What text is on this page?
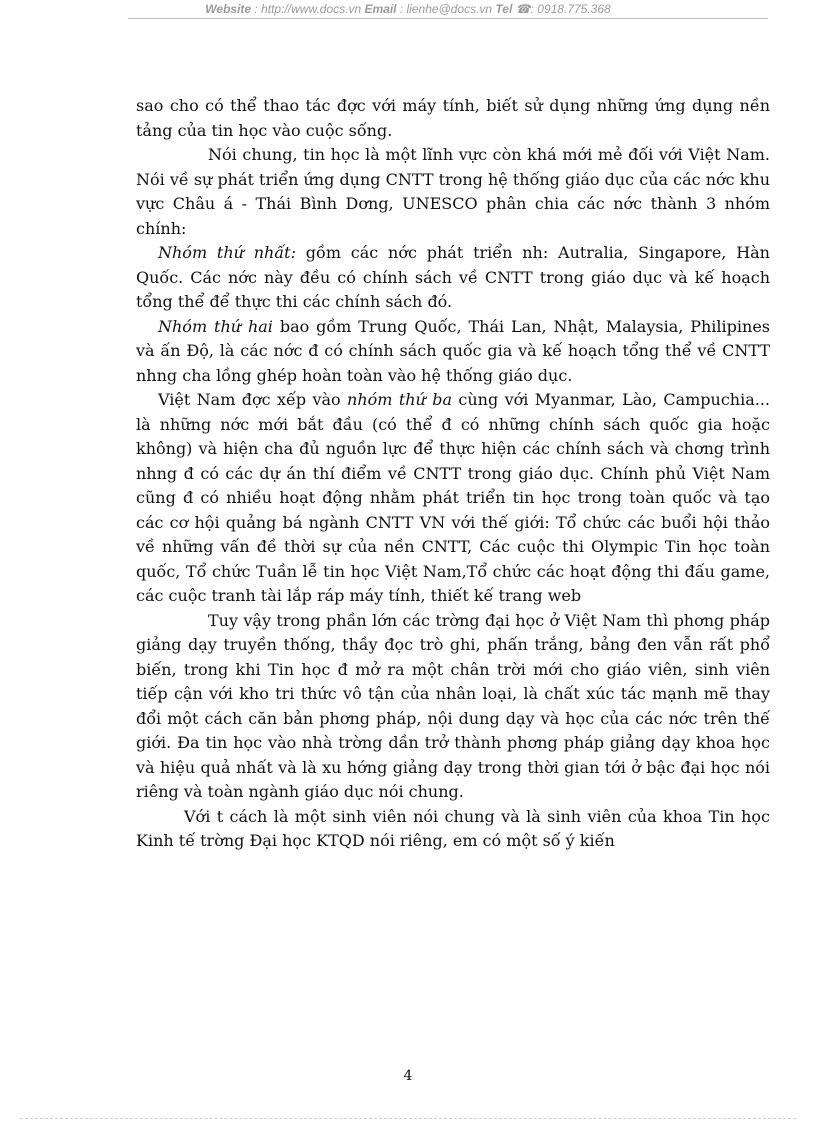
Website : http://www.docs.vn Email : lienhe@docs.vn Tel ☎: 0918.775.368

sao cho có thể thao tác đợc với máy tính, biết sử dụng những ứng dụng nền tảng của tin học vào cuộc sống.

Nói chung, tin học là một lĩnh vực còn khá mới mẻ đối với Việt Nam. Nói về sự phát triển ứng dụng CNTT trong hệ thống giáo dục của các nớc khu vực Châu á - Thái Bình Dơng, UNESCO phân chia các nớc thành 3 nhóm chính:

Nhóm thứ nhất: gồm các nớc phát triển nh: Autralia, Singapore, Hàn Quốc. Các nớc này đều có chính sách về CNTT trong giáo dục và kế hoạch tổng thể để thực thi các chính sách đó.

Nhóm thứ hai bao gồm Trung Quốc, Thái Lan, Nhật, Malaysia, Philipines và ấn Độ, là các nớc đ có chính sách quốc gia và kế hoạch tổng thể về CNTT nhng cha lồng ghép hoàn toàn vào hệ thống giáo dục.

Việt Nam đợc xếp vào nhóm thứ ba cùng với Myanmar, Lào, Campuchia... là những nớc mới bắt đầu (có thể đ có những chính sách quốc gia hoặc không) và hiện cha đủ nguồn lực để thực hiện các chính sách và chơng trình nhng đ có các dự án thí điểm về CNTT trong giáo dục. Chính phủ Việt Nam cũng đ có nhiều hoạt động nhằm phát triển tin học trong toàn quốc và tạo các cơ hội quảng bá ngành CNTT VN với thế giới: Tổ chức các buổi hội thảo về những vấn đề thời sự của nền CNTT, Các cuộc thi Olympic Tin học toàn quốc, Tổ chức Tuần lễ tin học Việt Nam,Tổ chức các hoạt động thi đấu game, các cuộc tranh tài lắp ráp máy tính, thiết kế trang web

Tuy vậy trong phần lớn các trờng đại học ở Việt Nam thì phơng pháp giảng dạy truyền thống, thầy đọc trò ghi, phấn trắng, bảng đen vẫn rất phổ biến, trong khi Tin học đ mở ra một chân trời mới cho giáo viên, sinh viên tiếp cận với kho tri thức vô tận của nhân loại, là chất xúc tác mạnh mẽ thay đổi một cách căn bản phơng pháp, nội dung dạy và học của các nớc trên thế giới. Đa tin học vào nhà trờng dần trở thành phơng pháp giảng dạy khoa học và hiệu quả nhất và là xu hớng giảng dạy trong thời gian tới ở bậc đại học nói riêng và toàn ngành giáo dục nói chung.

Với t cách là một sinh viên nói chung và là sinh viên của khoa Tin học Kinh tế trờng Đại học KTQD nói riêng, em có một số ý kiến

4
